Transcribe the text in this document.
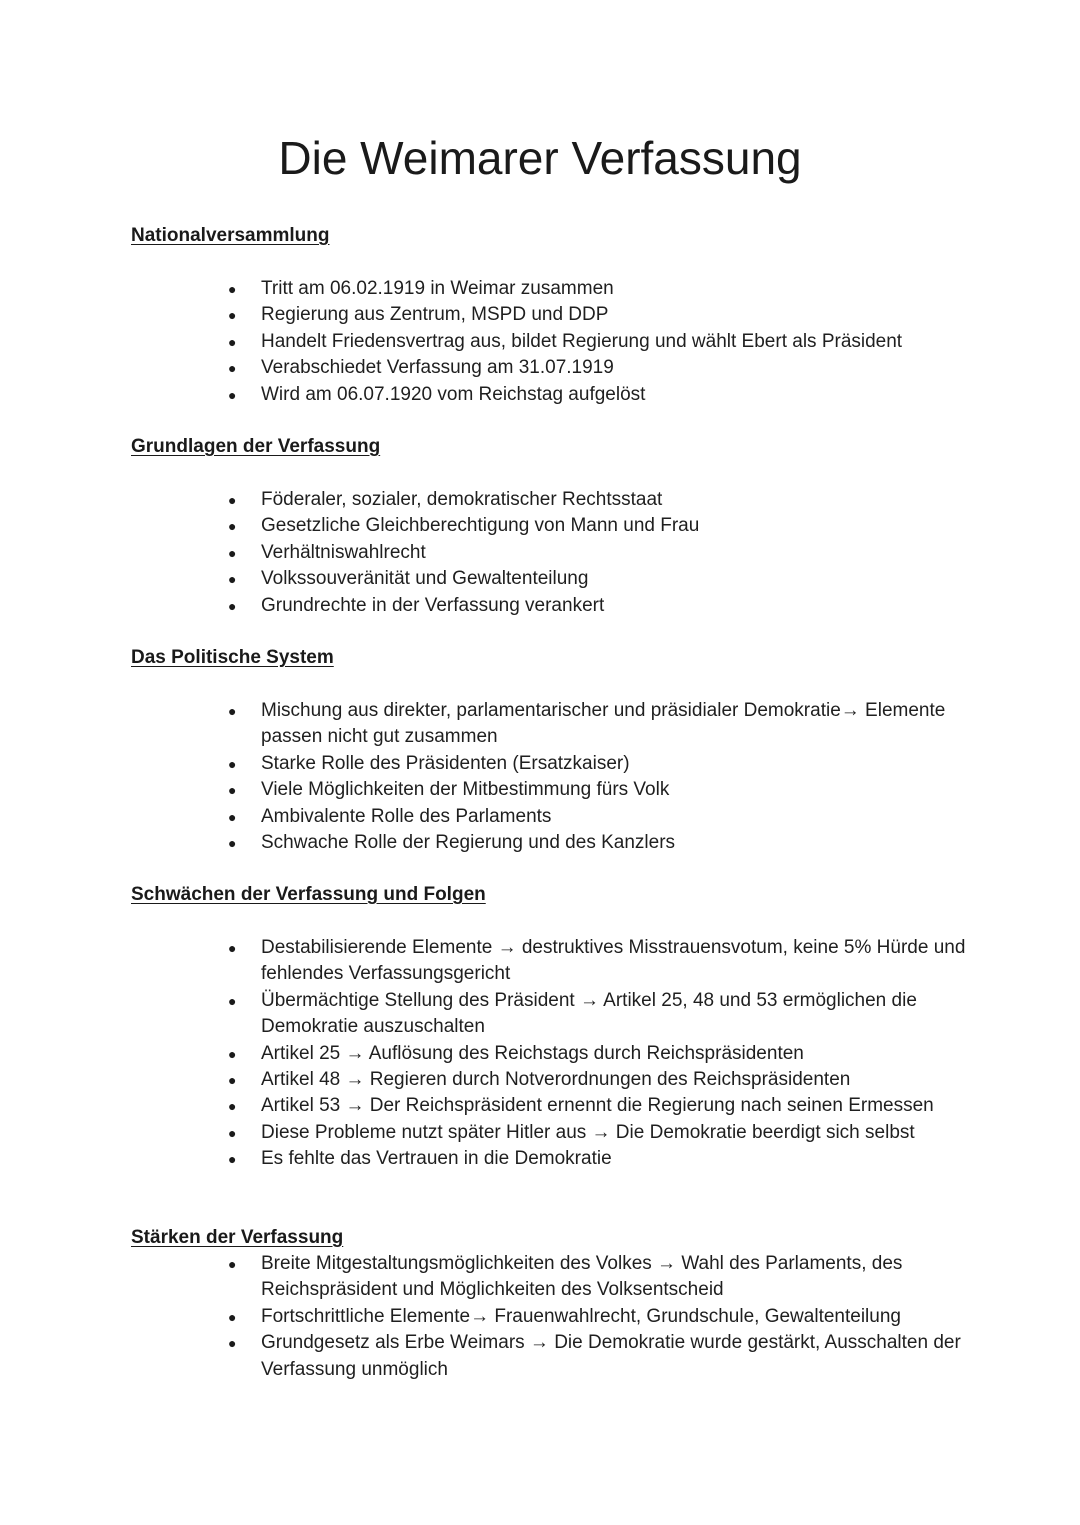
Die Weimarer Verfassung
Nationalversammlung
● Tritt am 06.02.1919 in Weimar zusammen
● Regierung aus Zentrum, MSPD und DDP
● Handelt Friedensvertrag aus, bildet Regierung und wählt Ebert als Präsident
● Verabschiedet Verfassung am 31.07.1919
● Wird am 06.07.1920 vom Reichstag aufgelöst
Grundlagen der Verfassung
● Föderaler, sozialer, demokratischer Rechtsstaat
● Gesetzliche Gleichberechtigung von Mann und Frau
● Verhältniswahlrecht
● Volkssouveränität und Gewaltenteilung
● Grundrechte in der Verfassung verankert
Das Politische System
● Mischung aus direkter, parlamentarischer und präsidialer Demokratie→ Elemente passen nicht gut zusammen
● Starke Rolle des Präsidenten (Ersatzkaiser)
● Viele Möglichkeiten der Mitbestimmung fürs Volk
● Ambivalente Rolle des Parlaments
● Schwache Rolle der Regierung und des Kanzlers
Schwächen der Verfassung und Folgen
● Destabilisierende Elemente → destruktives Misstrauensvotum, keine 5% Hürde und fehlendes Verfassungsgericht
● Übermächtige Stellung des Präsident → Artikel 25, 48 und 53 ermöglichen die Demokratie auszuschalten
● Artikel 25 → Auflösung des Reichstags durch Reichspräsidenten
● Artikel 48 → Regieren durch Notverordnungen des Reichspräsidenten
● Artikel 53 → Der Reichspräsident ernennt die Regierung nach seinen Ermessen
● Diese Probleme nutzt später Hitler aus → Die Demokratie beerdigt sich selbst
● Es fehlte das Vertrauen in die Demokratie
Stärken der Verfassung
● Breite Mitgestaltungsmöglichkeiten des Volkes → Wahl des Parlaments, des Reichspräsident und Möglichkeiten des Volksentscheid
● Fortschrittliche Elemente→ Frauenwahlrecht, Grundschule, Gewaltenteilung
● Grundgesetz als Erbe Weimars → Die Demokratie wurde gestärkt, Ausschalten der Verfassung unmöglich
